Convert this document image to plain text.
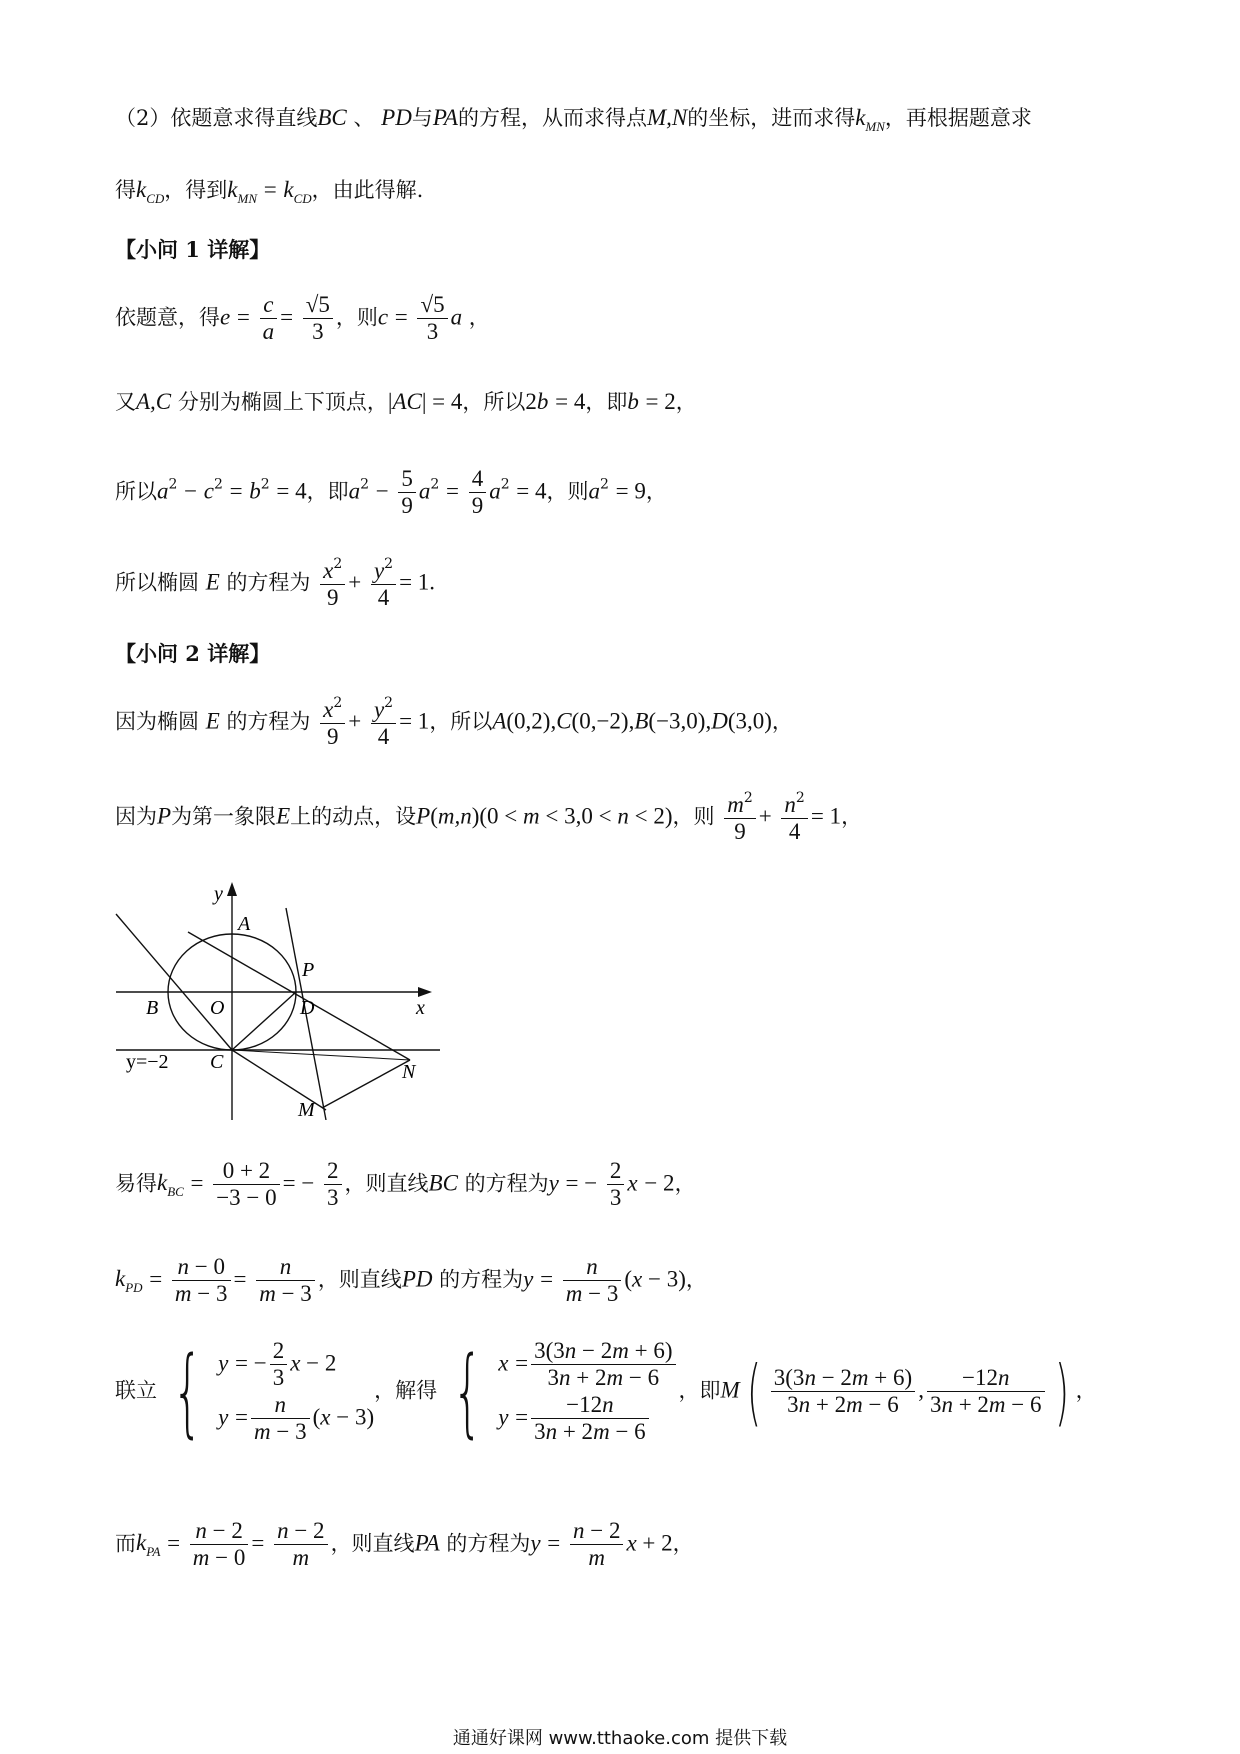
（2）依题意求得直线BC 、 PD与PA的方程，从而求得点M,N的坐标，进而求得$k_{MN}$，再根据题意求
得$k_{CD}$，得到$k_{MN} = k_{CD}$，由此得解.
【小问 1 详解】
依题意，得$e = \frac{c}{a} = \frac{√5}{3}$ ，则$c = \frac{√5}{3}$ a ，
又A,C 分别为椭圆上下顶点，|AC| = 4，所以2b = 4，即b = 2，
所以$a^2 - c^2 = b^2 = 4$，即$a^2 - \frac{5}{9} a^2 = \frac{4}{9} a^2 = 4$，则$a^2 = 9$，
所以椭圆 E 的方程为 $\frac{x^2}{9} + \frac{y^2}{4} = 1$.
【小问 2 详解】
因为椭圆 E 的方程为 $\frac{x^2}{9} + \frac{y^2}{4} = 1$，所以A(0,2),C(0,−2),B(−3,0),D(3,0)，
因为P为第一象限E上的动点，设P(m,n)(0 < m < 3,0 < n < 2)，则 $\frac{m^2}{9} + \frac{n^2}{4} = 1$，
y
A
P
B	O	D	x
y=−2 C	N
M
易得$k_{BC} = \frac{0 + 2}{-3 - 0}$ = − $\frac{2}{3}$ ，则直线BC 的方程为y = − $\frac{2}{3}$ x − 2，
$k_{PD} = \frac{n - 0}{m - 3} = \frac{n}{m - 3}$ ，则直线PD 的方程为$y = \frac{n}{m - 3} (x - 3)$，
联立 { y = − $\frac{2}{3}$ x − 2
$y = \frac{n}{m - 3} (x - 3)$
，解得 { $x = \frac{3(3n - 2m + 6)}{3n + 2m - 6}$
$y = \frac{-12n}{3n + 2m - 6}$
，即$M( \frac{3(3n - 2m + 6)}{3n + 2m - 6}$ , $\frac{-12n}{3n + 2m - 6}$ ) ，
而$k_{PA} = \frac{n - 2}{m - 0} = \frac{n - 2}{m}$ ，则直线PA 的方程为$y = \frac{n - 2}{m}$ x + 2，
通通好课网 www.tthaoke.com 提供下载
